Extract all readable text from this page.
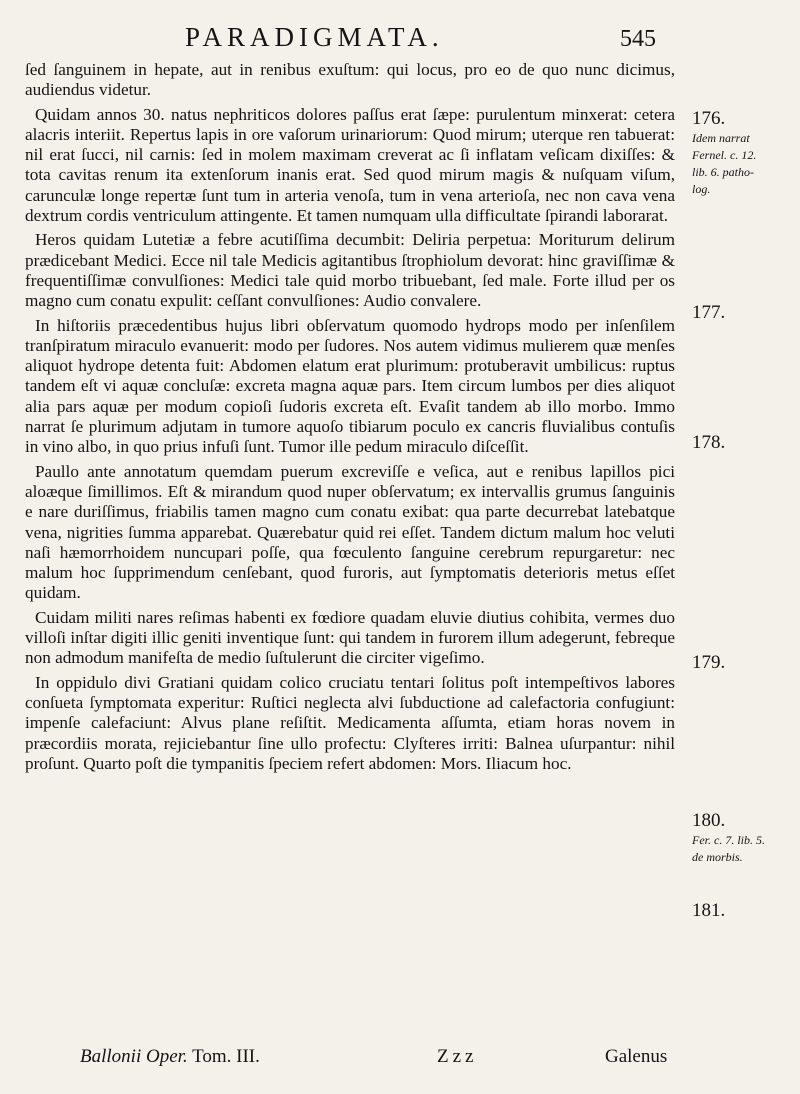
PARADIGMATA.	545

ſed ſanguinem in hepate, aut in renibus exuſtum: qui locus, pro eo de quo nunc dicimus, audiendus videtur.

Quidam annos 30. natus nephriticos dolores paſſus erat ſæpe: purulentum minxerat: cetera alacris interiit. Repertus lapis in ore vaſorum urinariorum: Quod mirum; uterque ren tabuerat: nil erat ſucci, nil carnis: ſed in molem maximam creverat ac ſi inflatam veſicam dixiſſes: & tota cavitas renum ita extenſorum inanis erat. Sed quod mirum magis & nuſquam viſum, carunculæ longe repertæ ſunt tum in arteria venoſa, tum in vena arterioſa, nec non cava vena dextrum cordis ventriculum attingente. Et tamen numquam ulla difficultate ſpirandi laborarat.

Heros quidam Lutetiæ a febre acutiſſima decumbit: Deliria perpetua: Moriturum delirum prædicebant Medici. Ecce nil tale Medicis agitantibus ſtrophiolum devorat: hinc graviſſimæ & frequentiſſimæ convulſiones: Medici tale quid morbo tribuebant, ſed male. Forte illud per os magno cum conatu expulit: ceſſant convulſiones: Audio convalere.

In hiſtoriis præcedentibus hujus libri obſervatum quomodo hydrops modo per inſenſilem tranſpiratum miraculo evanuerit: modo per ſudores. Nos autem vidimus mulierem quæ menſes aliquot hydrope detenta fuit: Abdomen elatum erat plurimum: protuberavit umbilicus: ruptus tandem eſt vi aquæ concluſæ: excreta magna aquæ pars. Item circum lumbos per dies aliquot alia pars aquæ per modum copioſi ſudoris excreta eſt. Evaſit tandem ab illo morbo. Immo narrat ſe plurimum adjutam in tumore aquoſo tibiarum poculo ex cancris fluvialibus contuſis in vino albo, in quo prius infuſi ſunt. Tumor ille pedum miraculo diſceſſit.

Paullo ante annotatum quemdam puerum excreviſſe e veſica, aut e renibus lapillos pici aloæque ſimillimos. Eſt & mirandum quod nuper obſervatum; ex intervallis grumus ſanguinis e nare duriſſimus, friabilis tamen magno cum conatu exibat: qua parte decurrebat latebatque vena, nigrities ſumma apparebat. Quærebatur quid rei eſſet. Tandem dictum malum hoc veluti naſi hæmorrhoidem nuncupari poſſe, qua fœculento ſanguine cerebrum repurgaretur: nec malum hoc ſupprimendum cenſebant, quod furoris, aut ſymptomatis deterioris metus eſſet quidam.

Cuidam militi nares reſimas habenti ex fœdiore quadam eluvie diutius cohibita, vermes duo villoſi inſtar digiti illic geniti inventique ſunt: qui tandem in furorem illum adegerunt, febreque non admodum manifeſta de medio ſuſtulerunt die circiter vigeſimo.

In oppidulo divi Gratiani quidam colico cruciatu tentari ſolitus poſt intempeſtivos labores conſueta ſymptomata experitur: Ruſtici neglecta alvi ſubductione ad calefactoria confugiunt: impenſe calefaciunt: Alvus plane reſiſtit. Medicamenta aſſumta, etiam horas novem in præcordiis morata, rejiciebantur ſine ullo profectu: Clyſteres irriti: Balnea uſurpantur: nihil proſunt. Quarto poſt die tympanitis ſpeciem refert abdomen: Mors. Iliacum hoc.

176.
Idem narrat
Fernel. c. 12.
lib. 6. patho-
log.
177.
178.
179.
180.
Fer. c. 7. lib. 5.
de morbis.
181.
Ballonii Oper. Tom. III.	Zzz	Galenus
